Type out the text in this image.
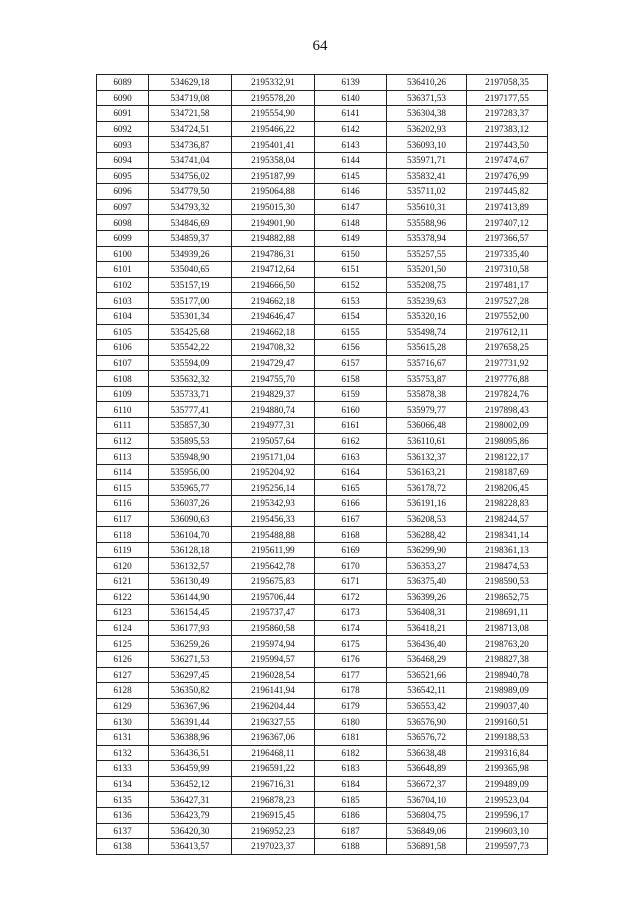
64
6089	534629,18	2195332,91	6139	536410,26	2197058,35
6090	534719,08	2195578,20	6140	536371,53	2197177,55
6091	534721,58	2195554,90	6141	536304,38	2197283,37
6092	534724,51	2195466,22	6142	536202,93	2197383,12
6093	534736,87	2195401,41	6143	536093,10	2197443,50
6094	534741,04	2195358,04	6144	535971,71	2197474,67
6095	534756,02	2195187,99	6145	535832,41	2197476,99
6096	534779,50	2195064,88	6146	535711,02	2197445,82
6097	534793,32	2195015,30	6147	535610,31	2197413,89
6098	534846,69	2194901,90	6148	535588,96	2197407,12
6099	534859,37	2194882,88	6149	535378,94	2197366,57
6100	534939,26	2194786,31	6150	535257,55	2197335,40
6101	535040,65	2194712,64	6151	535201,50	2197310,58
6102	535157,19	2194666,50	6152	535208,75	2197481,17
6103	535177,00	2194662,18	6153	535239,63	2197527,28
6104	535301,34	2194646,47	6154	535320,16	2197552,00
6105	535425,68	2194662,18	6155	535498,74	2197612,11
6106	535542,22	2194708,32	6156	535615,28	2197658,25
6107	535594,09	2194729,47	6157	535716,67	2197731,92
6108	535632,32	2194755,70	6158	535753,87	2197776,88
6109	535733,71	2194829,37	6159	535878,38	2197824,76
6110	535777,41	2194880,74	6160	535979,77	2197898,43
6111	535857,30	2194977,31	6161	536066,48	2198002,09
6112	535895,53	2195057,64	6162	536110,61	2198095,86
6113	535948,90	2195171,04	6163	536132,37	2198122,17
6114	535956,00	2195204,92	6164	536163,21	2198187,69
6115	535965,77	2195256,14	6165	536178,72	2198206,45
6116	536037,26	2195342,93	6166	536191,16	2198228,83
6117	536090,63	2195456,33	6167	536208,53	2198244,57
6118	536104,70	2195488,88	6168	536288,42	2198341,14
6119	536128,18	2195611,99	6169	536299,90	2198361,13
6120	536132,57	2195642,78	6170	536353,27	2198474,53
6121	536130,49	2195675,83	6171	536375,40	2198590,53
6122	536144,90	2195706,44	6172	536399,26	2198652,75
6123	536154,45	2195737,47	6173	536408,31	2198691,11
6124	536177,93	2195860,58	6174	536418,21	2198713,08
6125	536259,26	2195974,94	6175	536436,40	2198763,20
6126	536271,53	2195994,57	6176	536468,29	2198827,38
6127	536297,45	2196028,54	6177	536521,66	2198940,78
6128	536350,82	2196141,94	6178	536542,11	2198989,09
6129	536367,96	2196204,44	6179	536553,42	2199037,40
6130	536391,44	2196327,55	6180	536576,90	2199160,51
6131	536388,96	2196367,06	6181	536576,72	2199188,53
6132	536436,51	2196468,11	6182	536638,48	2199316,84
6133	536459,99	2196591,22	6183	536648,89	2199365,98
6134	536452,12	2196716,31	6184	536672,37	2199489,09
6135	536427,31	2196878,23	6185	536704,10	2199523,04
6136	536423,79	2196915,45	6186	536804,75	2199596,17
6137	536420,30	2196952,23	6187	536849,06	2199603,10
6138	536413,57	2197023,37	6188	536891,58	2199597,73
